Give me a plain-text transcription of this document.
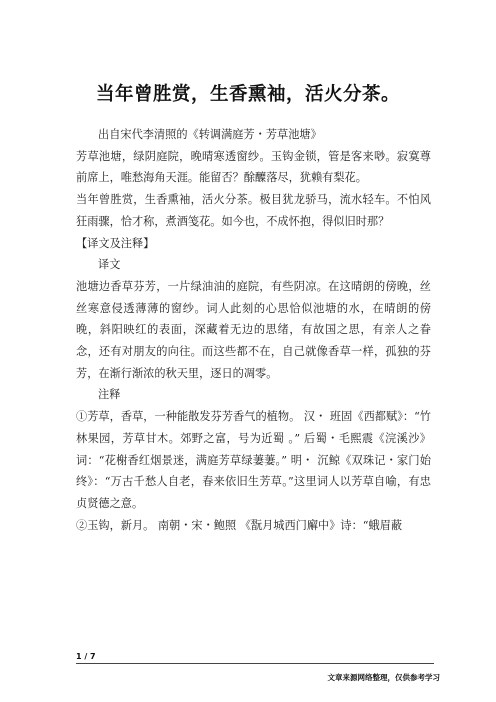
当年曾胜赏，生香熏袖，活火分茶。

出自宋代李清照的《转调满庭芳・芳草池塘》

芳草池塘，绿阴庭院，晚晴寒透窗纱。玉钩金锁，管是客来唦。寂寞尊前席上，唯愁海角天涯。能留否？酴醾落尽，犹赖有梨花。

当年曾胜赏，生香熏袖，活火分茶。极目犹龙骄马，流水轻车。不怕风狂雨骤，恰才称，煮酒笺花。如今也，不成怀抱，得似旧时那？

【译文及注释】

译文

池塘边香草芬芳，一片绿油油的庭院，有些阴凉。在这晴朗的傍晚，丝丝寒意侵透薄薄的窗纱。词人此刻的心思恰似池塘的水，在晴朗的傍晚，斜阳映红的表面，深藏着无边的思绪，有故国之思，有亲人之眷念，还有对朋友的向往。而这些都不在，自己就像香草一样，孤独的芬芳，在渐行渐浓的秋天里，逐日的凋零。

注释

①芳草，香草，一种能散发芬芳香气的植物。 汉・ 班固《西都赋》：“竹林果园，芳草甘木。郊野之富，号为近蜀 。” 后蜀・毛熙震《浣溪沙》词：“花榭香红烟景迷，满庭芳草绿萋萋。” 明・ 沉鲸《双珠记・家门始终》：“万古千愁人自老，春来依旧生芳草。”这里词人以芳草自喻，有忠贞贤德之意。

②玉钩，新月。 南朝・宋・鲍照 《翫月城西门廨中》诗：“蛾眉蔽

1 / 7
文章来源网络整理，仅供参考学习
